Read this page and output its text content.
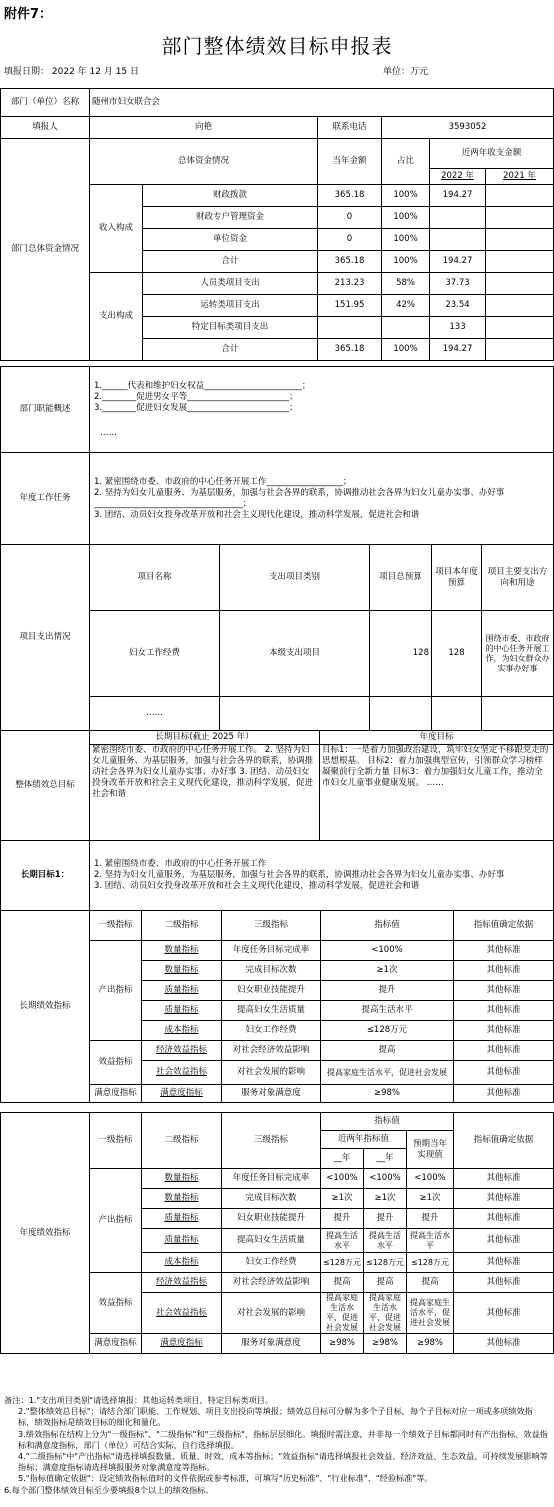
附件7：
部门整体绩效目标申报表
填报日期： 2022 年 12 月 15 日	单位：万元
部门（单位）名称	随州市妇女联合会		
填报人	向艳	联系电话	3593052
部门总体资金情况	总体资金情况		当年金额	占比	近两年收支金额	
					2022 年	2021 年
	收入构成	财政拨款	365.18	100%	194.27	
		财政专户管理资金	0	100%		
		单位资金	0	100%		
		合计	365.18	100%	194.27	
	支出构成	人员类项目支出	213.23	58%	37.73	
		运转类项目支出	151.95	42%	23.54	
		特定目标类项目支出			133	
		合计	365.18	100%	194.27	
部门职能概述	1.______代表和维护妇女权益_______________________；
2.________促进男女平等________________________；
3.________促进妇女发展________________________；
……

年度工作任务	1. 紧密围绕市委、市政府的中心任务开展工作__________________；
2. 坚持为妇女儿童服务、为基层服务，加强与社会各界的联系，协调推动社会各界为妇女儿童办实事、办好事___________________________________；
3. 团结、动员妇女投身改革开放和社会主义现代化建设，推动科学发展，促进社会和谐
项目支出情况	项目名称	支出项目类别	项目总预算	项目本年度预算	项目主要支出方向和用途
	妇女工作经费	本级支出项目	128	128	围绕市委、市政府的中心任务开展工作，为妇女群众办实事办好事
	……				
整体绩效总目标	长期目标(截止 2025 年）	年度目标
	紧密围绕市委、市政府的中心任务开展工作。 2. 坚持为妇女儿童服务、为基层服务，加强与社会各界的联系，协调推动社会各界为妇女儿童办实事、办好事 3. 团结、动员妇女投身改革开放和社会主义现代化建设，推动科学发展，促进社会和谐	目标1：一是着力加强政治建设，筑牢妇女坚定不移跟党走的思想根基。 目标2：着力加强典型宣传，引领群众学习榜样凝聚前行全新力量 目标3：着力加强妇女儿童工作，推动全市妇女儿童事业健康发展。 ……
长期目标1：	
1. 紧密围绕市委、市政府的中心任务开展工作
2. 坚持为妇女儿童服务、为基层服务，加强与社会各界的联系，协调推动社会各界为妇女儿童办实事、办好事
3. 团结、动员妇女投身改革开放和社会主义现代化建设，推动科学发展，促进社会和谐
长期绩效指标	一级指标	二级指标	三级指标	指标值	指标值确定依据
	产出指标	数量指标	年度任务目标完成率	<100%	其他标准
		数量指标	完成目标次数	≥1次	其他标准
		质量指标	妇女职业技能提升	提升	其他标准
		质量指标	提高妇女生活质量	提高生活水平	其他标准
		成本指标	妇女工作经费	≤128万元	其他标准
	效益指标	经济效益指标	对社会经济效益影响	提高	其他标准
		社会效益指标	对社会发展的影响	提高家庭生活水平，促进社会发展	其他标准
	满意度指标	满意度指标	服务对象满意度	≥98%	其他标准
年度绩效指标	一级指标	二级指标	三级指标	指标值			指标值确定依据
				近两年指标值		预期当年实现值	
				__年	__年		
	产出指标	数量指标	年度任务目标完成率	<100%	<100%	<100%	其他标准
		数量指标	完成目标次数	≥1次	≥1次	≥1次	其他标准
		质量指标	妇女职业技能提升	提升	提升	提升	其他标准
		质量指标	提高妇女生活质量	提高生活水平	提高生活水平	提高生活水平	其他标准
		成本指标	妇女工作经费	≤128万元	≤128万元	≤128万元	其他标准
	效益指标	经济效益指标	对社会经济效益影响	提高	提高	提高	其他标准
		社会效益指标	对社会发展的影响	提高家庭生活水平，促进社会发展	提高家庭生活水平，促进社会发展	提高家庭生活水平，促进社会发展	其他标准
	满意度指标	满意度指标	服务对象满意度	≥98%	≥98%	≥98%	其他标准

备注：1."支出项目类别"请选择填报：其他运转类项目、特定目标类项目。

2."整体绩效总目标"：请结合部门职能、工作规划、项目支出投向等填报；绩效总目标可分解为多个子目标，每个子目标对应一项或多项绩效指标，绩效指标是绩效目标的细化和量化。

3.绩效指标在结构上分为"一级指标"、"二级指标"和"三级指标"，指标层层细化。填报时需注意，并非每一个绩效子目标都同时有产出指标、效益指标和满意度指标，部门（单位）可结合实际，自行选择填报。

4."二级指标"中"产出指标"请选择填报数量、质量、时效、成本等指标；"效益指标"请选择填报社会效益、经济效益、生态效益、可持续发展影响等指标；满意度指标请选择填报服务对象满意度等指标。

5."指标值确定依据"：设定绩效指标值时的文件依据或参考标准，可填写"历史标准"、"行业标准"、"经验标准"等。

6.每个部门整体绩效目标至少要填报8个以上的绩效指标。
